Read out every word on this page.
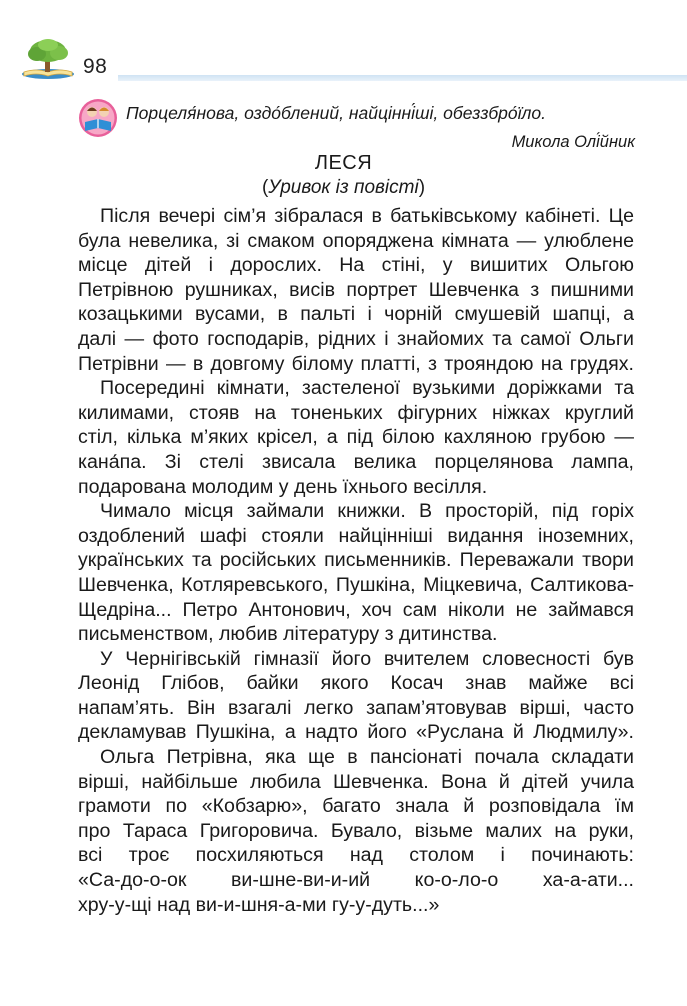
98
Порцеля́нова, оздо́блений, найцінні́ші, обеззбро́їло.
Микола Олі́йник
ЛЕСЯ
(Уривок із повісті)

Після вечері сім’я зібралася в батьківському кабінеті. Це
була невелика, зі смаком опоряджена кімната — улюблене
місце дітей і дорослих. На стіні, у вишитих Ольгою
Петрівною рушниках, висів портрет Шевченка з пишними
козацькими вусами, в пальті і чорній смушевій шапці, а
далі — фото господарів, рідних і знайомих та самої Ольги
Петрівни — в довгому білому платті, з трояндою на грудях.

Посередині кімнати, застеленої вузькими доріжками та
килимами, стояв на тоненьких фігурних ніжках круглий
стіл, кілька м’яких крісел, а під білою кахляною грубою —
кана́па. Зі стелі звисала велика порцелянова лампа,
подарована молодим у день їхнього весілля.

Чимало місця займали книжки. В просторій, під горіх
оздоблений шафі стояли найцінніші видання іноземних,
українських та російських письменників. Переважали твори
Шевченка, Котляревського, Пушкіна, Міцкевича, Салтикова-
Щедріна... Петро Антонович, хоч сам ніколи не займався
письменством, любив літературу з дитинства.

У Чернігівській гімназії його вчителем словесності був
Леонід Глібов, байки якого Косач знав майже всі
напам’ять. Він взагалі легко запам’ятовував вірші, часто
декламував Пушкіна, а надто його «Руслана й Людмилу».

Ольга Петрівна, яка ще в пансіонаті почала складати
вірші, найбільше любила Шевченка. Вона й дітей учила
грамоти по «Кобзарю», багато знала й розповідала їм
про Тараса Григоровича. Бувало, візьме малих на руки,
всі троє посхиляються над столом і починають:
«Са-до-о-ок ви-шне-ви-и-ий ко-о-ло-о ха-а-ати...
хру-у-щі над ви-и-шня-а-ми гу-у-дуть...»
